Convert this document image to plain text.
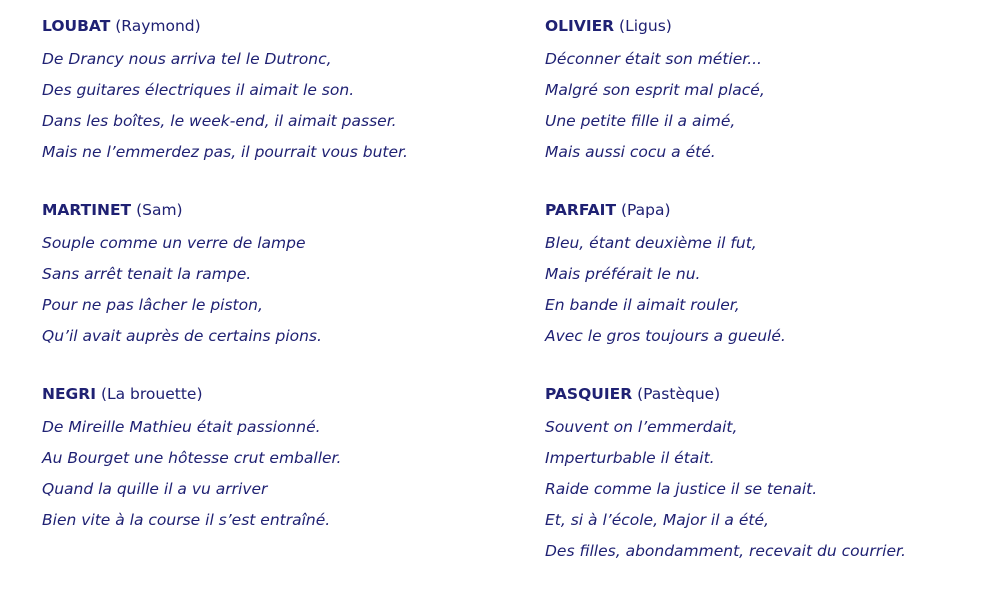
LOUBAT (Raymond)
De Drancy nous arriva tel le Dutronc,
Des guitares électriques il aimait le son.
Dans les boîtes, le week-end, il aimait passer.
Mais ne l’emmerdez pas, il pourrait vous buter.
MARTINET (Sam)
Souple comme un verre de lampe
Sans arrêt tenait la rampe.
Pour ne pas lâcher le piston,
Qu’il avait auprès de certains pions.
NEGRI (La brouette)
De Mireille Mathieu était passionné.
Au Bourget une hôtesse crut emballer.
Quand la quille il a vu arriver
Bien vite à la course il s’est entraîné.
OLIVIER (Ligus)
Déconner était son métier...
Malgré son esprit mal placé,
Une petite fille il a aimé,
Mais aussi cocu a été.
PARFAIT (Papa)
Bleu, étant deuxième il fut,
Mais préférait le nu.
En bande il aimait rouler,
Avec le gros toujours a gueulé.
PASQUIER (Pastèque)
Souvent on l’emmerdait,
Imperturbable il était.
Raide comme la justice il se tenait.
Et, si à l’école, Major il a été,
Des filles, abondamment, recevait du courrier.
